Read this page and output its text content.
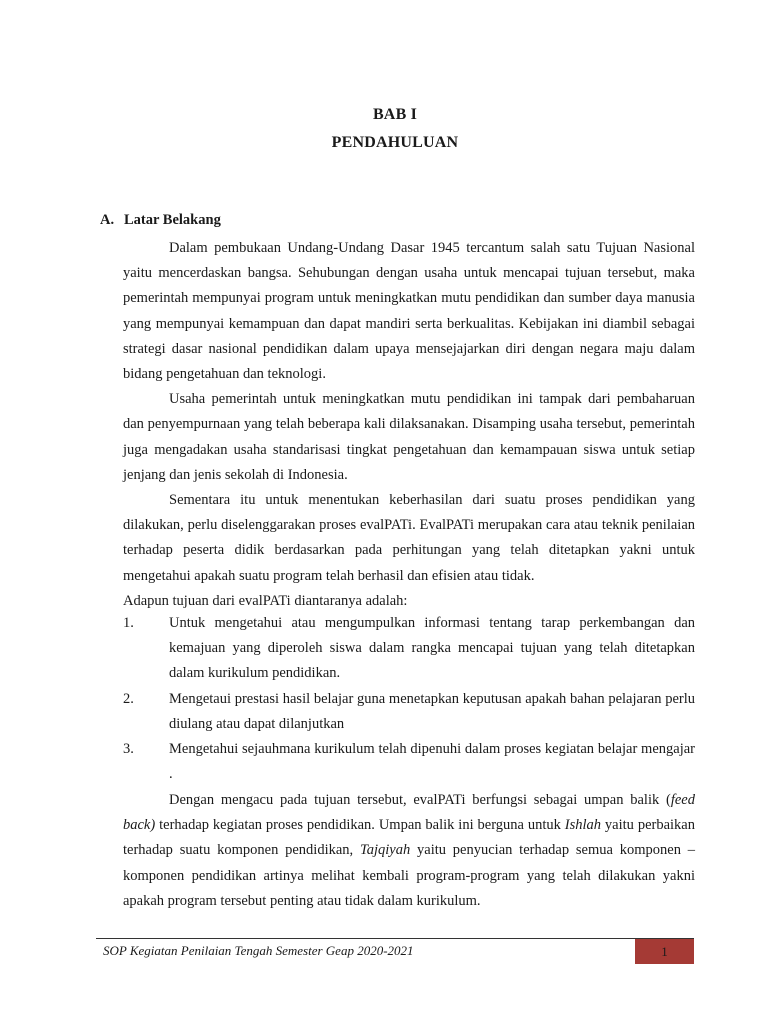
BAB I
PENDAHULUAN
A. Latar Belakang

Dalam pembukaan Undang-Undang Dasar 1945 tercantum salah satu Tujuan Nasional yaitu mencerdaskan bangsa. Sehubungan dengan usaha untuk mencapai tujuan tersebut, maka pemerintah mempunyai program untuk meningkatkan mutu pendidikan dan sumber daya manusia yang mempunyai kemampuan dan dapat mandiri serta berkualitas. Kebijakan ini diambil sebagai strategi dasar nasional pendidikan dalam upaya mensejajarkan diri dengan negara maju dalam bidang pengetahuan dan teknologi.

Usaha pemerintah untuk meningkatkan mutu pendidikan ini tampak dari pembaharuan dan penyempurnaan yang telah beberapa kali dilaksanakan. Disamping usaha tersebut, pemerintah juga mengadakan usaha standarisasi tingkat pengetahuan dan kemampauan siswa untuk setiap jenjang dan jenis sekolah di Indonesia.

Sementara itu untuk menentukan keberhasilan dari suatu proses pendidikan yang dilakukan, perlu diselenggarakan proses evalPATi. EvalPATi merupakan cara atau teknik penilaian terhadap peserta didik berdasarkan pada perhitungan yang telah ditetapkan yakni untuk mengetahui apakah suatu program telah berhasil dan efisien atau tidak.

Adapun tujuan dari evalPATi diantaranya adalah:

1. Untuk mengetahui atau mengumpulkan informasi tentang tarap perkembangan dan kemajuan yang diperoleh siswa dalam rangka mencapai tujuan yang telah ditetapkan dalam kurikulum pendidikan.
2. Mengetaui prestasi hasil belajar guna menetapkan keputusan apakah bahan pelajaran perlu diulang atau dapat dilanjutkan
3. Mengetahui sejauhmana kurikulum telah dipenuhi dalam proses kegiatan belajar mengajar .

Dengan mengacu pada tujuan tersebut, evalPATi berfungsi sebagai umpan balik (feed back) terhadap kegiatan proses pendidikan. Umpan balik ini berguna untuk Ishlah yaitu perbaikan terhadap suatu komponen pendidikan, Tajqiyah yaitu penyucian terhadap semua komponen – komponen pendidikan artinya melihat kembali program-program yang telah dilakukan yakni apakah program tersebut penting atau tidak dalam kurikulum.

SOP Kegiatan Penilaian Tengah Semester Geap 2020-2021	1
